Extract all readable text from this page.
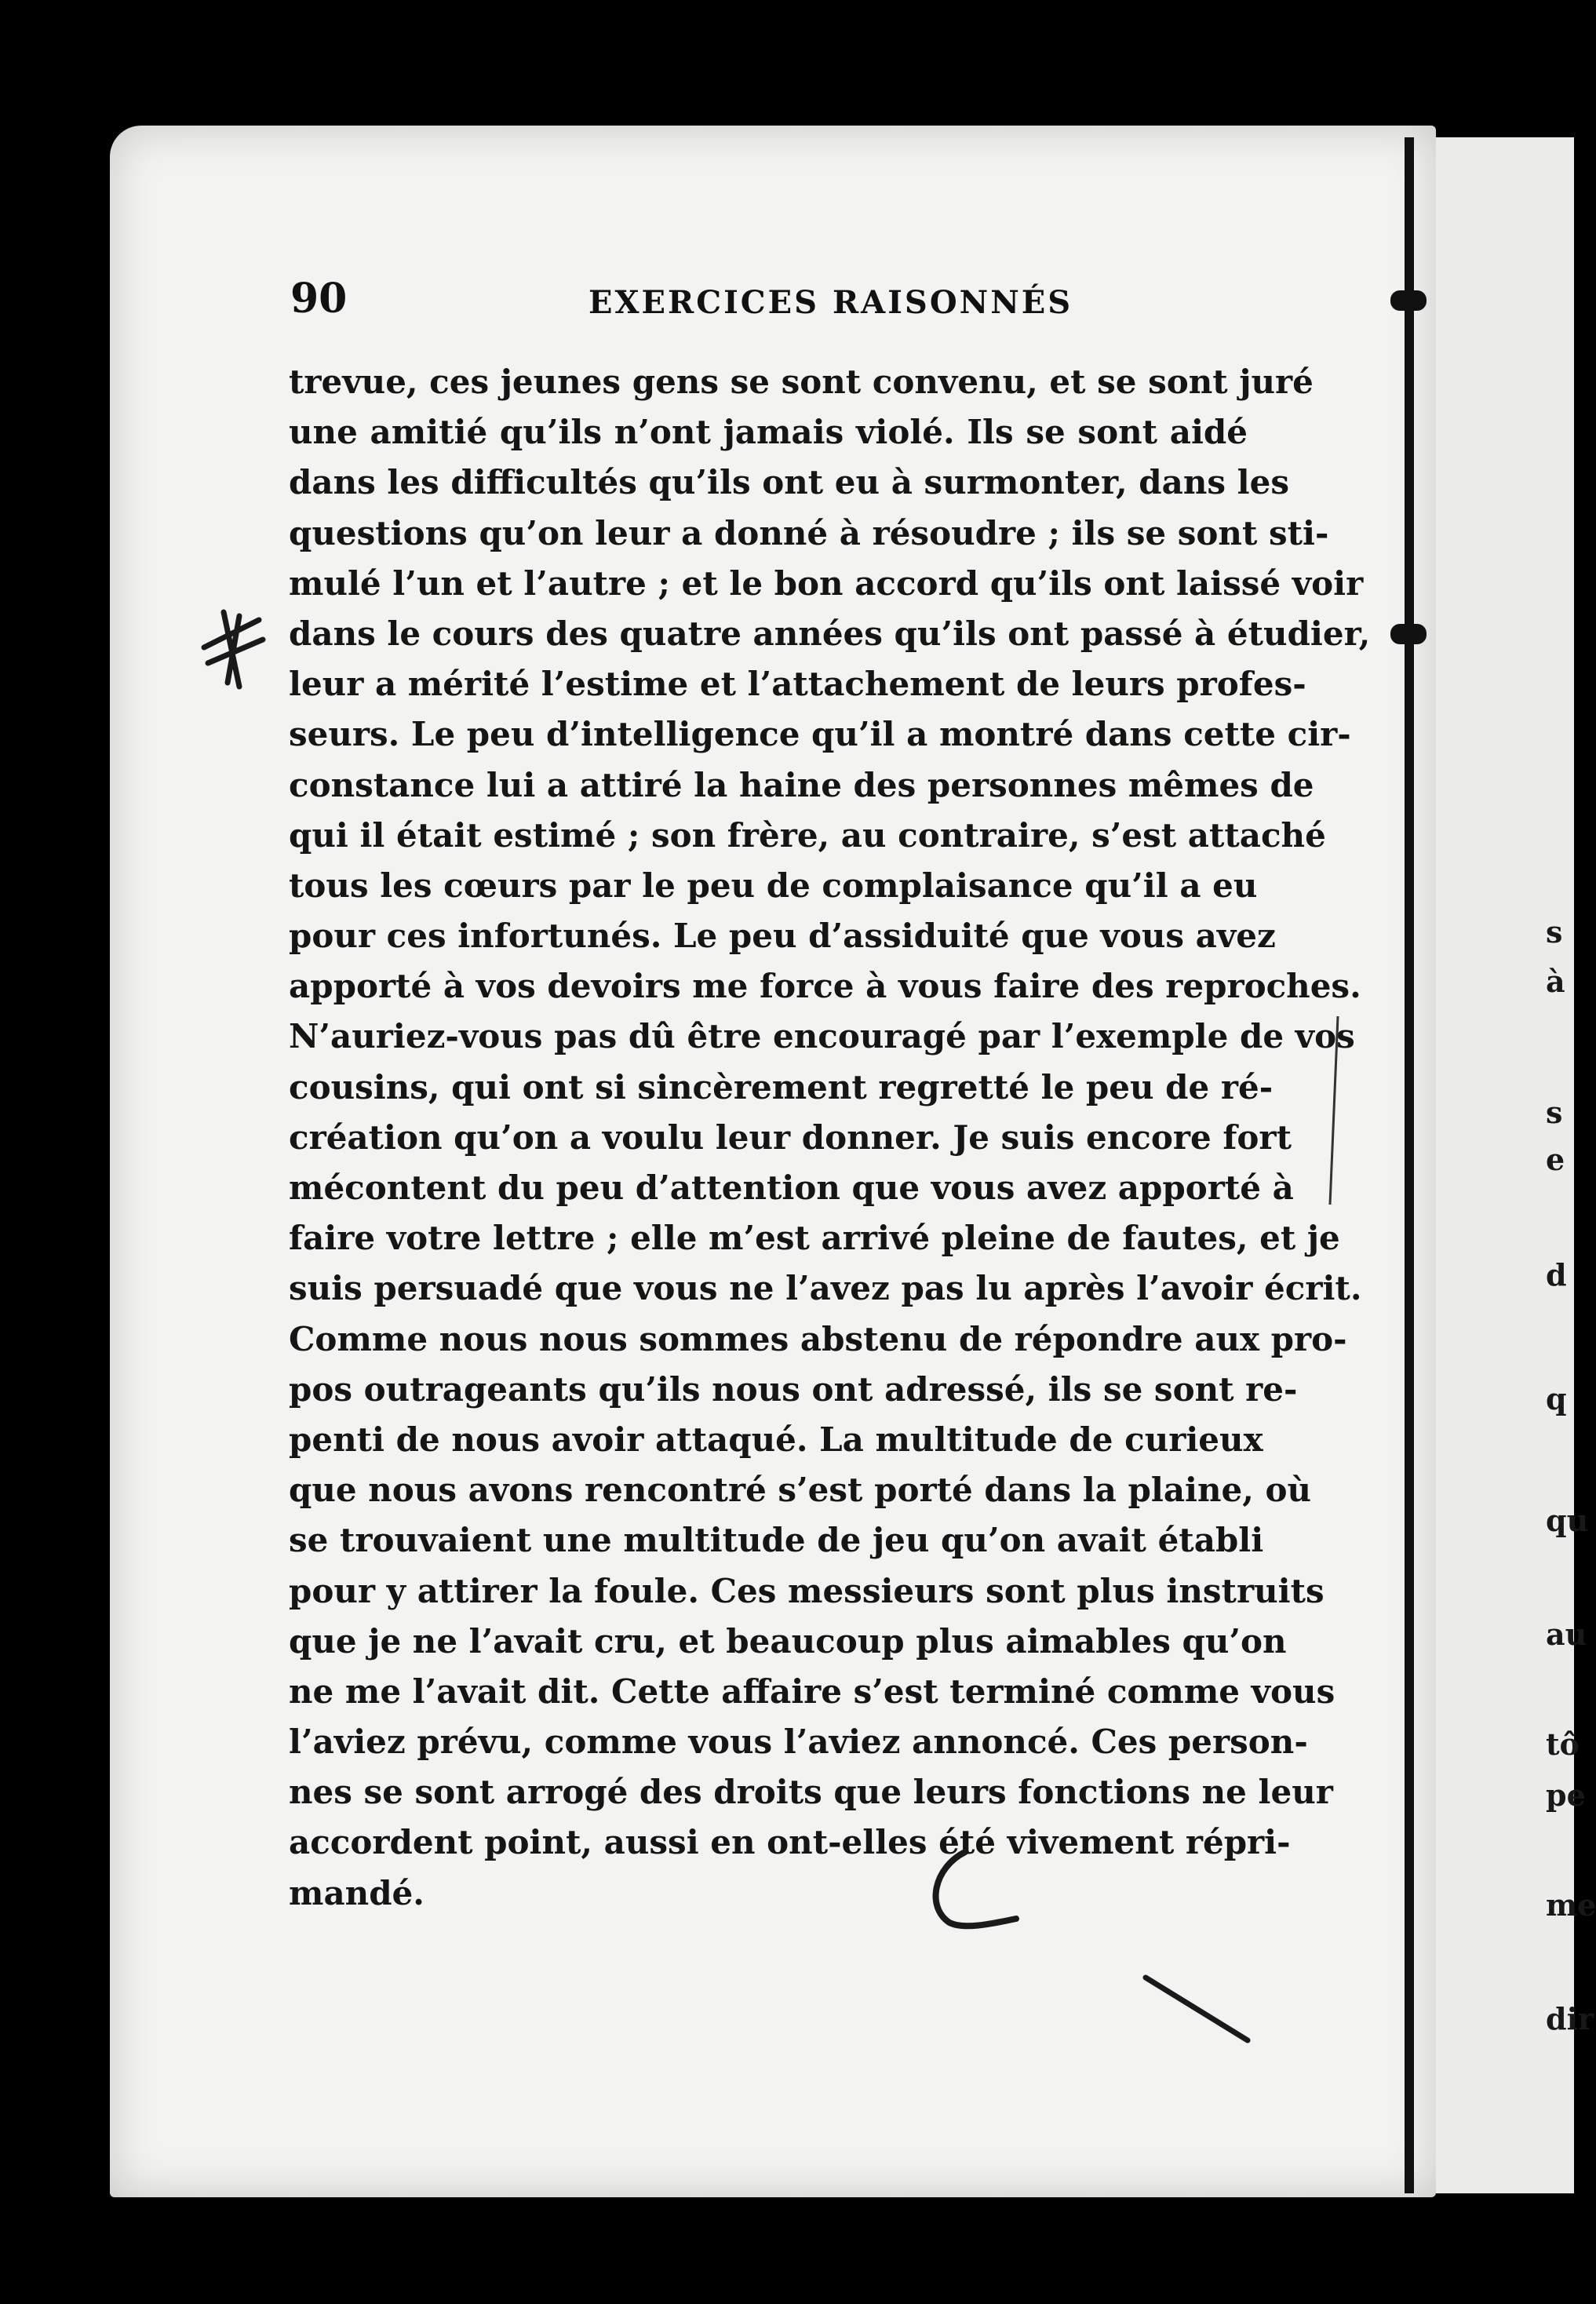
90	EXERCICES RAISONNÉS
trevue, ces jeunes gens se sont convenu, et se sont juré
une amitié qu’ils n’ont jamais violé. Ils se sont aidé
dans les difficultés qu’ils ont eu à surmonter, dans les
questions qu’on leur a donné à résoudre ; ils se sont sti-
mulé l’un et l’autre ; et le bon accord qu’ils ont laissé voir
dans le cours des quatre années qu’ils ont passé à étudier,
leur a mérité l’estime et l’attachement de leurs profes-
seurs. Le peu d’intelligence qu’il a montré dans cette cir-
constance lui a attiré la haine des personnes mêmes de
qui il était estimé ; son frère, au contraire, s’est attaché
tous les cœurs par le peu de complaisance qu’il a eu
pour ces infortunés. Le peu d’assiduité que vous avez
apporté à vos devoirs me force à vous faire des reproches.
N’auriez-vous pas dû être encouragé par l’exemple de vos
cousins, qui ont si sincèrement regretté le peu de ré-
création qu’on a voulu leur donner. Je suis encore fort
mécontent du peu d’attention que vous avez apporté à
faire votre lettre ; elle m’est arrivé pleine de fautes, et je
suis persuadé que vous ne l’avez pas lu après l’avoir écrit.
Comme nous nous sommes abstenu de répondre aux pro-
pos outrageants qu’ils nous ont adressé, ils se sont re-
penti de nous avoir attaqué. La multitude de curieux
que nous avons rencontré s’est porté dans la plaine, où
se trouvaient une multitude de jeu qu’on avait établi
pour y attirer la foule. Ces messieurs sont plus instruits
que je ne l’avait cru, et beaucoup plus aimables qu’on
ne me l’avait dit. Cette affaire s’est terminé comme vous
l’aviez prévu, comme vous l’aviez annoncé. Ces person-
nes se sont arrogé des droits que leurs fonctions ne leur
accordent point, aussi en ont-elles été vivement répri-
mandé.
s
à
s
e
d
q
qu
au
tô
pe
me
dir
